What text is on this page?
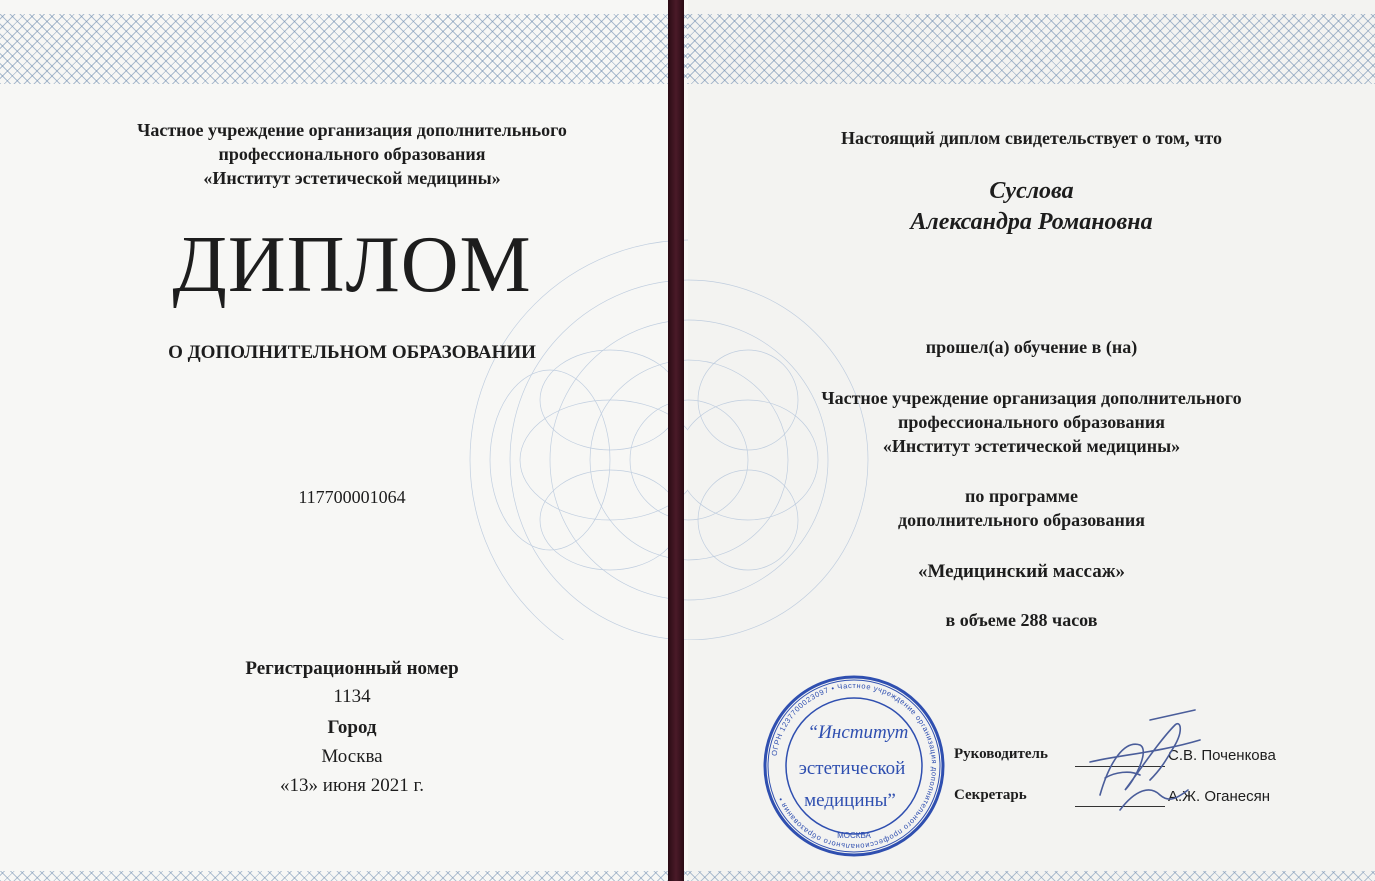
Частное учреждение организация дополнительнього
профессионального образования
«Институт эстетической медицины»
ДИПЛОМ
О ДОПОЛНИТЕЛЬНОМ ОБРАЗОВАНИИ
117700001064
Регистрационный номер
1134
Город
Москва
«13» июня 2021 г.
Настоящий диплом свидетельствует о том, что
Суслова
Александра Романовна
прошел(а) обучение в (на)
Частное учреждение организация дополнительного
профессионального образования
«Институт эстетической медицины»
по программе
дополнительного образования
«Медицинский массаж»
в объеме 288 часов
ОГРН 1237700023097 • Частное учреждение организация дополнительного профессионального образования •
МОСКВА
“Институт
эстетической
медицины”
Руководитель	С.В. Поченкова
Секретарь	А.Ж. Оганесян
